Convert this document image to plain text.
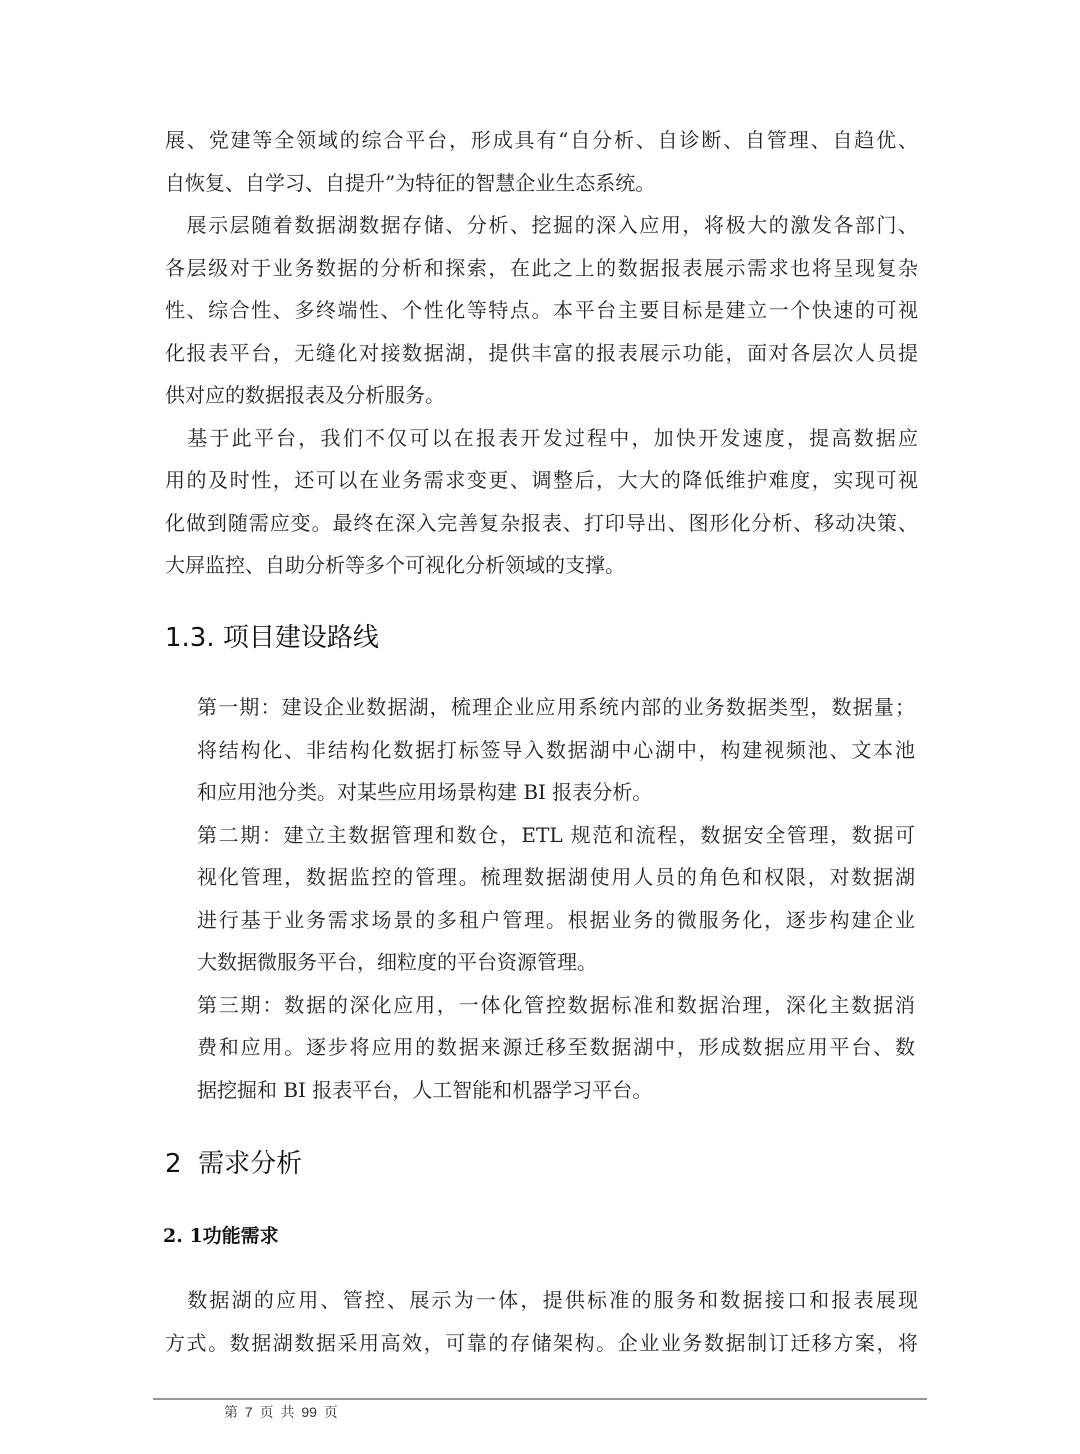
展、党建等全领域的综合平台，形成具有“自分析、自诊断、自管理、自趋优、
自恢复、自学习、自提升”为特征的智慧企业生态系统。
　展示层随着数据湖数据存储、分析、挖掘的深入应用，将极大的激发各部门、
各层级对于业务数据的分析和探索，在此之上的数据报表展示需求也将呈现复杂
性、综合性、多终端性、个性化等特点。本平台主要目标是建立一个快速的可视
化报表平台，无缝化对接数据湖，提供丰富的报表展示功能，面对各层次人员提
供对应的数据报表及分析服务。
　基于此平台，我们不仅可以在报表开发过程中，加快开发速度，提高数据应
用的及时性，还可以在业务需求变更、调整后，大大的降低维护难度，实现可视
化做到随需应变。最终在深入完善复杂报表、打印导出、图形化分析、移动决策、
大屏监控、自助分析等多个可视化分析领域的支撑。
1.3. 项目建设路线
第一期：建设企业数据湖，梳理企业应用系统内部的业务数据类型，数据量；
将结构化、非结构化数据打标签导入数据湖中心湖中，构建视频池、文本池
和应用池分类。对某些应用场景构建 BI 报表分析。
第二期：建立主数据管理和数仓，ETL 规范和流程，数据安全管理，数据可
视化管理，数据监控的管理。梳理数据湖使用人员的角色和权限，对数据湖
进行基于业务需求场景的多租户管理。根据业务的微服务化，逐步构建企业
大数据微服务平台，细粒度的平台资源管理。
第三期：数据的深化应用，一体化管控数据标准和数据治理，深化主数据消
费和应用。逐步将应用的数据来源迁移至数据湖中，形成数据应用平台、数
据挖掘和 BI 报表平台，人工智能和机器学习平台。
2  需求分析
2. 1功能需求
　数据湖的应用、管控、展示为一体，提供标准的服务和数据接口和报表展现
方式。数据湖数据采用高效，可靠的存储架构。企业业务数据制订迁移方案，将
第 7 页 共 99 页
